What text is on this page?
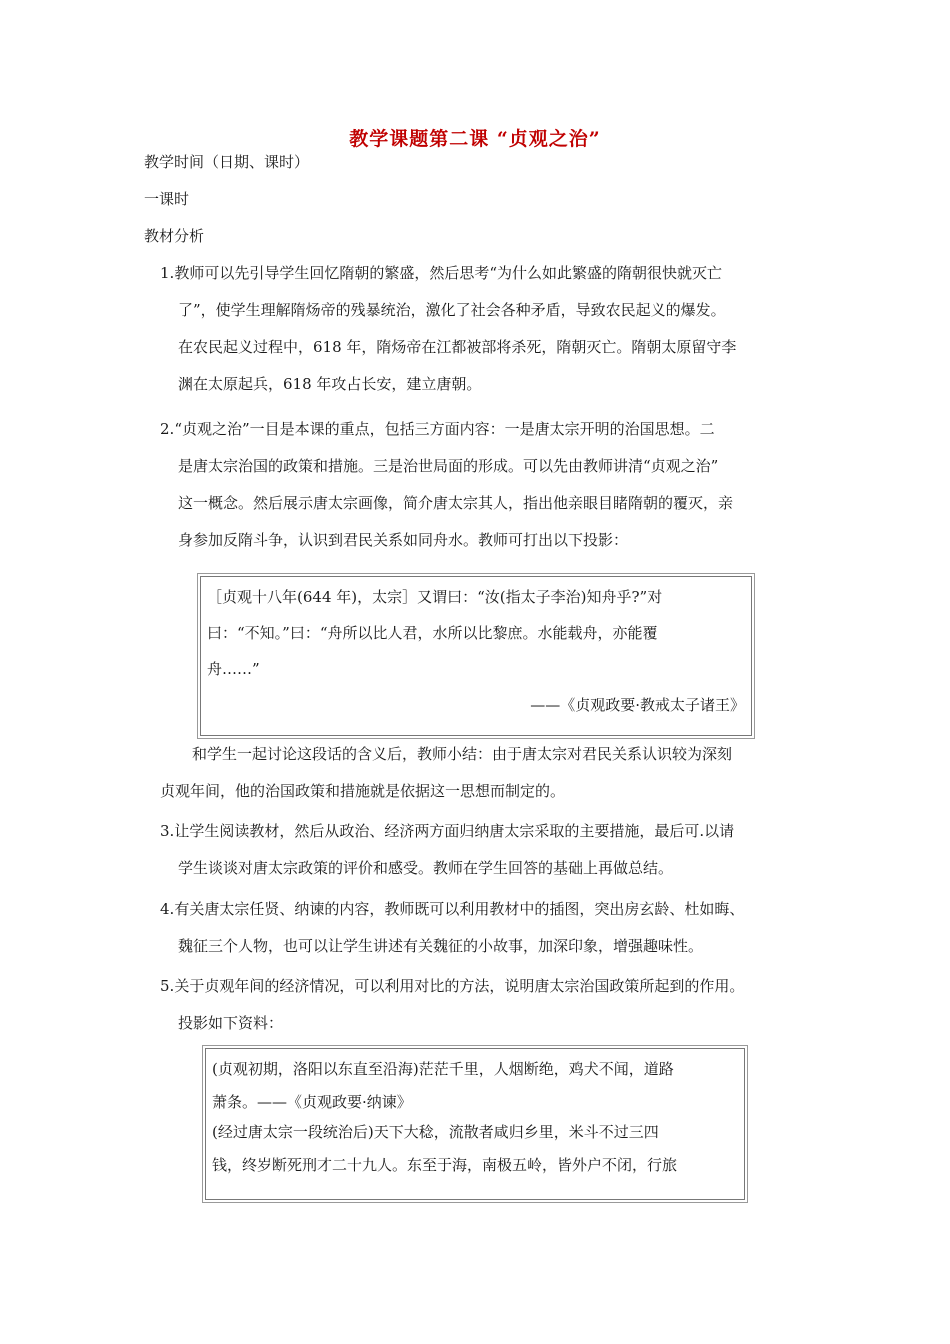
教学课题第二课 “贞观之治”
教学时间（日期、课时）
一课时
教材分析
1.教师可以先引导学生回忆隋朝的繁盛，然后思考“为什么如此繁盛的隋朝很快就灭亡
了”，使学生理解隋炀帝的残暴统治，激化了社会各种矛盾，导致农民起义的爆发。
在农民起义过程中，618 年，隋炀帝在江都被部将杀死，隋朝灭亡。隋朝太原留守李
渊在太原起兵，618 年攻占长安，建立唐朝。
2.“贞观之治”一目是本课的重点，包括三方面内容：一是唐太宗开明的治国思想。二
是唐太宗治国的政策和措施。三是治世局面的形成。可以先由教师讲清“贞观之治”
这一概念。然后展示唐太宗画像，简介唐太宗其人，指出他亲眼目睹隋朝的覆灭，亲
身参加反隋斗争，认识到君民关系如同舟水。教师可打出以下投影：
［贞观十八年(644 年)，太宗］又谓曰：“汝(指太子李治)知舟乎?”对
曰：“不知。”曰：“舟所以比人君，水所以比黎庶。水能载舟，亦能覆
舟……”
——《贞观政要·教戒太子诸王》
和学生一起讨论这段话的含义后，教师小结：由于唐太宗对君民关系认识较为深刻
贞观年间，他的治国政策和措施就是依据这一思想而制定的。
3.让学生阅读教材，然后从政治、经济两方面归纳唐太宗采取的主要措施，最后可.以请
学生谈谈对唐太宗政策的评价和感受。教师在学生回答的基础上再做总结。
4.有关唐太宗任贤、纳谏的内容，教师既可以利用教材中的插图，突出房玄龄、杜如晦、
魏征三个人物，也可以让学生讲述有关魏征的小故事，加深印象，增强趣味性。
5.关于贞观年间的经济情况，可以利用对比的方法，说明唐太宗治国政策所起到的作用。
投影如下资料：
(贞观初期，洛阳以东直至沿海)茫茫千里，人烟断绝，鸡犬不闻，道路
萧条。——《贞观政要·纳谏》
(经过唐太宗一段统治后)天下大稔，流散者咸归乡里，米斗不过三四
钱，终岁断死刑才二十九人。东至于海，南极五岭，皆外户不闭，行旅
